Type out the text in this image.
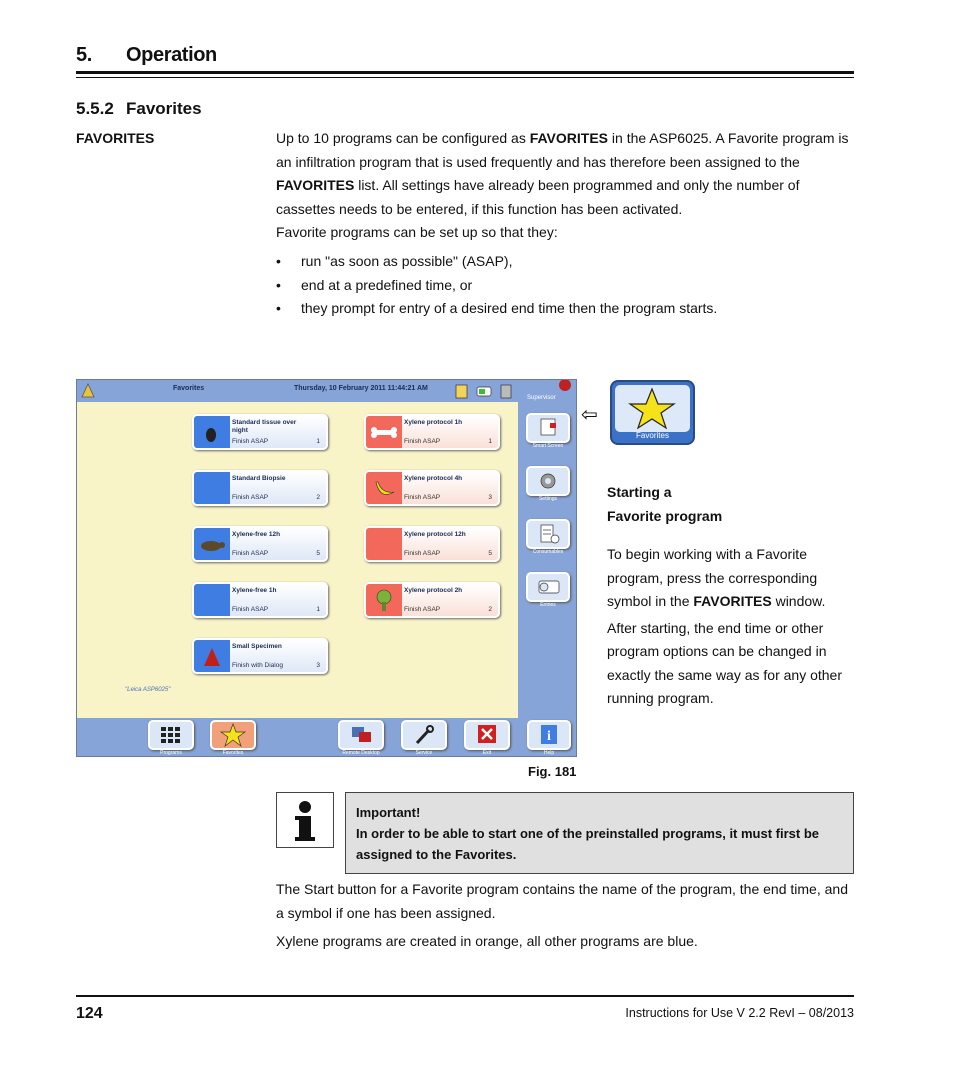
5. Operation
5.5.2 Favorites
FAVORITES	Up to 10 programs can be configured as FAVORITES in the ASP6025. A Favorite program is an infiltration program that is used frequently and has therefore been assigned to the FAVORITES list. All settings have already been programmed and only the number of cassettes needs to be entered, if this function has been activated.
Favorite programs can be set up so that they:
• run "as soon as possible" (ASAP),
• end at a predefined time, or
• they prompt for entry of a desired end time then the program starts.
Favorites	Thursday, 10 February 2011 11:44:21 AM
Supervisor
Standard tissue over night
Finish ASAP	1
Standard Biopsie
Finish ASAP	2
Xylene-free 12h
Finish ASAP	5
Xylene-free 1h
Finish ASAP	1
Small Specimen
Finish with Dialog	3
Xylene protocol 1h
Finish ASAP	1
Xylene protocol 4h
Finish ASAP	3
Xylene protocol 12h
Finish ASAP	5
Xylene protocol 2h
Finish ASAP	2
"Leica ASP6025"
Smart Screen
Settings
Consumables
Entries
Programs	Favorites	Remote Desktop	Service	Exit
i
Help
⇦
Favorites
Starting a
Favorite program
To begin working with a Favorite program, press the corresponding symbol in the FAVORITES window.
After starting, the end time or other program options can be changed in exactly the same way as for any other running program.
Fig. 181
Important!
In order to be able to start one of the preinstalled programs, it must first be assigned to the Favorites.
The Start button for a Favorite program contains the name of the program, the end time, and a symbol if one has been assigned.
Xylene programs are created in orange, all other programs are blue.
124	Instructions for Use V 2.2 RevI – 08/2013
